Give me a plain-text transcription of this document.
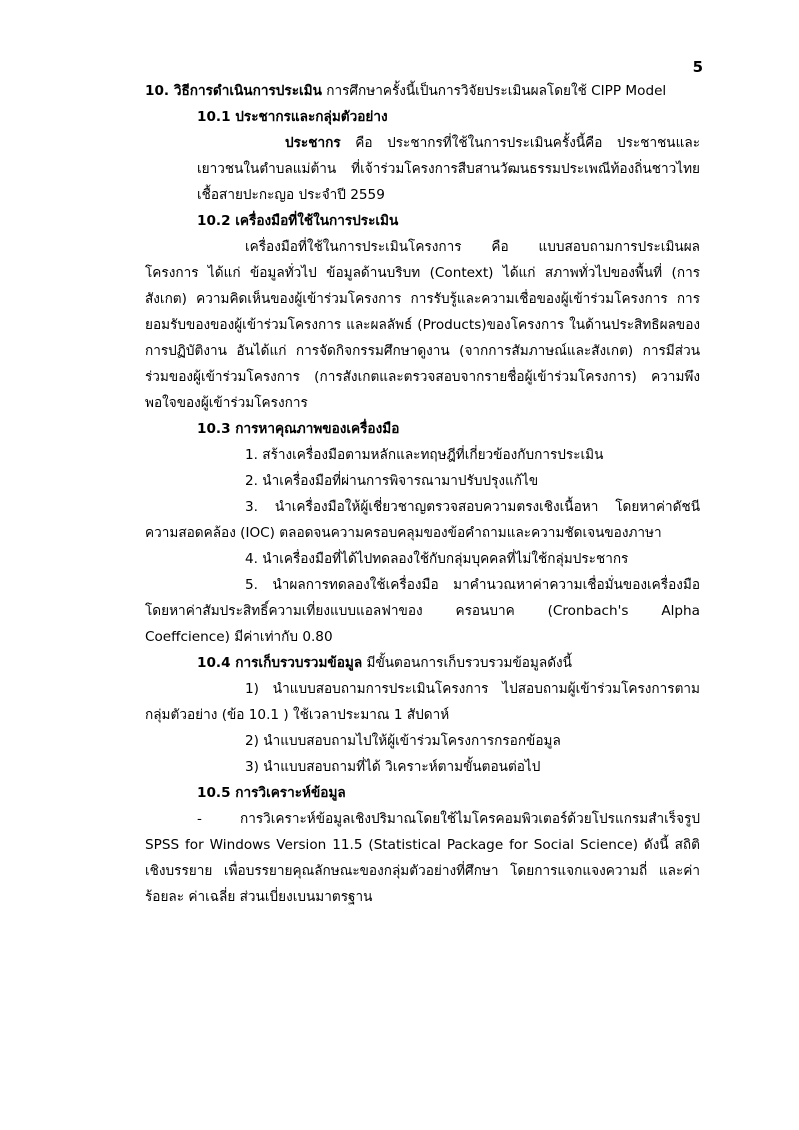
5

10. วิธีการดำเนินการประเมิน การศึกษาครั้งนี้เป็นการวิจัยประเมินผลโดยใช้ CIPP Model

10.1 ประชากรและกลุ่มตัวอย่าง

ประชากร คือ ประชากรที่ใช้ในการประเมินครั้งนี้คือ ประชาชนและเยาวชนในตำบลแม่ต้าน ที่เจ้าร่วมโครงการสืบสานวัฒนธรรมประเพณีท้องถิ่นชาวไทยเชื้อสายปะกะญอ ประจำปี 2559

10.2 เครื่องมือที่ใช้ในการประเมิน

เครื่องมือที่ใช้ในการประเมินโครงการ คือ แบบสอบถามการประเมินผลโครงการ ได้แก่ ข้อมูลทั่วไป ข้อมูลด้านบริบท (Context) ได้แก่ สภาพทั่วไปของพื้นที่ (การสังเกต) ความคิดเห็นของผู้เข้าร่วมโครงการ การรับรู้และความเชื่อของผู้เข้าร่วมโครงการ การยอมรับของของผู้เข้าร่วมโครงการ และผลลัพธ์ (Products)ของโครงการ ในด้านประสิทธิผลของการปฏิบัติงาน อันได้แก่ การจัดกิจกรรมศึกษาดูงาน (จากการสัมภาษณ์และสังเกต) การมีส่วนร่วมของผู้เข้าร่วมโครงการ (การสังเกตและตรวจสอบจากรายชื่อผู้เข้าร่วมโครงการ) ความพึงพอใจของผู้เข้าร่วมโครงการ

10.3 การหาคุณภาพของเครื่องมือ

1. สร้างเครื่องมือตามหลักและทฤษฎีที่เกี่ยวข้องกับการประเมิน

2. นำเครื่องมือที่ผ่านการพิจารณามาปรับปรุงแก้ไข

3. นำเครื่องมือให้ผู้เชี่ยวชาญตรวจสอบความตรงเชิงเนื้อหา โดยหาค่าดัชนีความสอดคล้อง (IOC) ตลอดจนความครอบคลุมของข้อคำถามและความชัดเจนของภาษา

4. นำเครื่องมือที่ได้ไปทดลองใช้กับกลุ่มบุคคลที่ไม่ใช้กลุ่มประชากร

5. นำผลการทดลองใช้เครื่องมือ มาคำนวณหาค่าความเชื่อมั่นของเครื่องมือ โดยหาค่าสัมประสิทธิ์ความเที่ยงแบบแอลฟาของ ครอนบาค (Cronbach's Alpha Coeffcience) มีค่าเท่ากับ 0.80

10.4 การเก็บรวบรวมข้อมูล มีขั้นตอนการเก็บรวบรวมข้อมูลดังนี้

1) นำแบบสอบถามการประเมินโครงการ ไปสอบถามผู้เข้าร่วมโครงการตามกลุ่มตัวอย่าง (ข้อ 10.1 ) ใช้เวลาประมาณ 1 สัปดาห์

2) นำแบบสอบถามไปให้ผู้เข้าร่วมโครงการกรอกข้อมูล

3) นำแบบสอบถามที่ได้ วิเคราะห์ตามขั้นตอนต่อไป

10.5 การวิเคราะห์ข้อมูล

- การวิเคราะห์ข้อมูลเชิงปริมาณโดยใช้ไมโครคอมพิวเตอร์ด้วยโปรแกรมสำเร็จรูป SPSS for Windows Version 11.5 (Statistical Package for Social Science) ดังนี้ สถิติเชิงบรรยาย เพื่อบรรยายคุณลักษณะของกลุ่มตัวอย่างที่ศึกษา โดยการแจกแจงความถี่ และค่าร้อยละ ค่าเฉลี่ย ส่วนเบี่ยงเบนมาตรฐาน
